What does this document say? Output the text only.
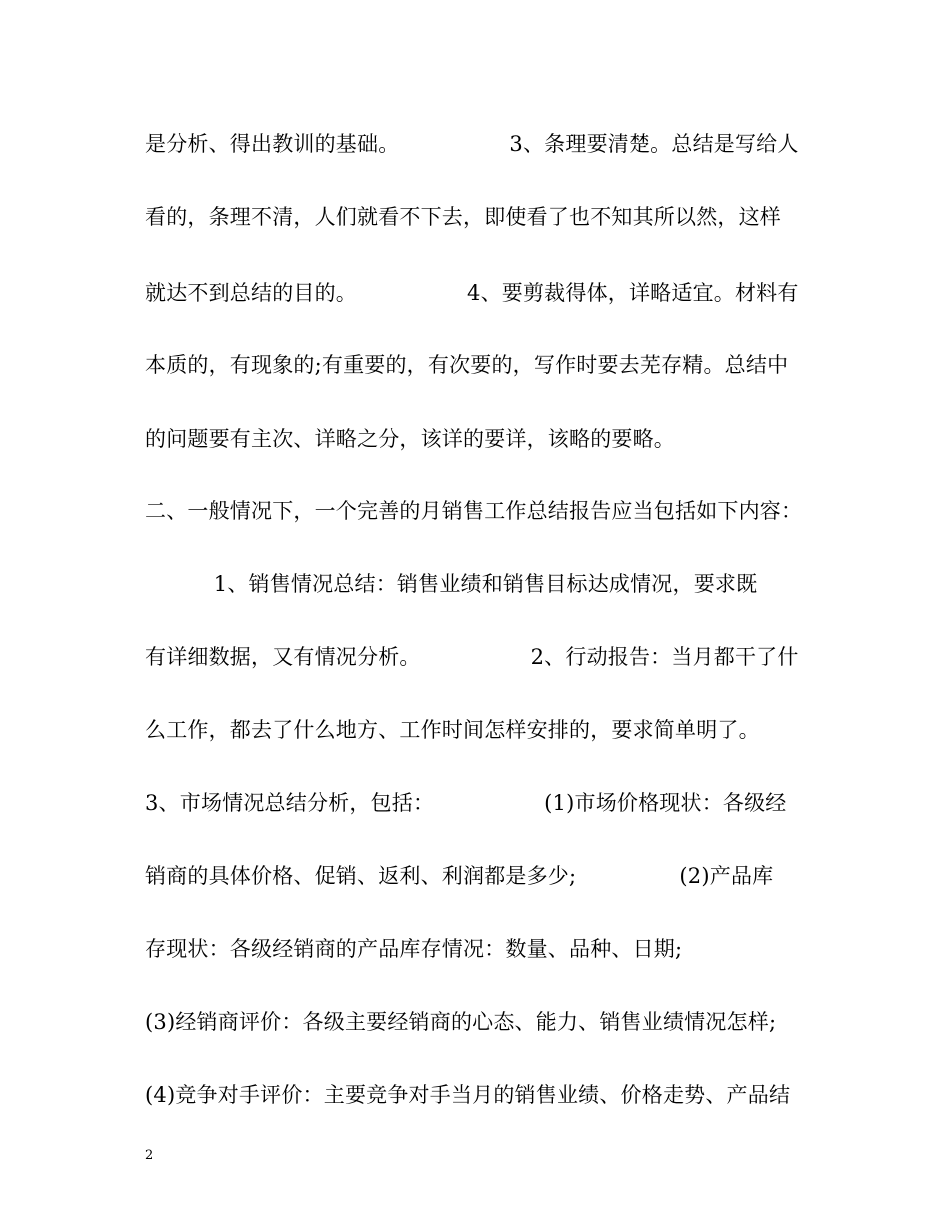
是分析、得出教训的基础。                3、条理要清楚。总结是写给人
看的，条理不清，人们就看不下去，即使看了也不知其所以然，这样
就达不到总结的目的。                4、要剪裁得体，详略适宜。材料有
本质的，有现象的;有重要的，有次要的，写作时要去芜存精。总结中
的问题要有主次、详略之分，该详的要详，该略的要略。
二、一般情况下，一个完善的月销售工作总结报告应当包括如下内容：
1、销售情况总结：销售业绩和销售目标达成情况，要求既
有详细数据，又有情况分析。                2、行动报告：当月都干了什
么工作，都去了什么地方、工作时间怎样安排的，要求简单明了。
3、市场情况总结分析，包括：                (1)市场价格现状：各级经
销商的具体价格、促销、返利、利润都是多少;               (2)产品库
存现状：各级经销商的产品库存情况：数量、品种、日期;
(3)经销商评价：各级主要经销商的心态、能力、销售业绩情况怎样;
(4)竞争对手评价：主要竞争对手当月的销售业绩、价格走势、产品结
2
